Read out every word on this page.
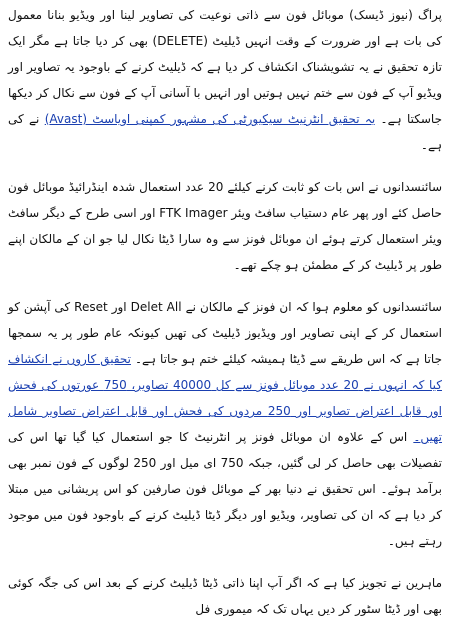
پراگ (نیوز ڈیسک) موبائل فون سے ذاتی نوعیت کی تصاویر لینا اور ویڈیو بنانا معمول کی بات ہے اور ضرورت کے وقت انہیں ڈیلیٹ (DELETE) بھی کر دیا جاتا ہے مگر ایک تازہ تحقیق نے یہ تشویشناک انکشاف کر دیا ہے کہ ڈیلیٹ کرنے کے باوجود یہ تصاویر اور ویڈیو آپ کے فون سے ختم نہیں ہوتیں اور انہیں با آسانی آپ کے فون سے نکال کر دیکھا جاسکتا ہے۔ یہ تحقیق انٹرنیٹ سیکیورٹی کی مشہور کمپنی اویاسٹ (Avast) نے کی ہے۔

سائنسدانوں نے اس بات کو ثابت کرنے کیلئے 20 عدد استعمال شدہ اینڈرائیڈ موبائل فون حاصل کئے اور پھر عام دستیاب سافٹ ویئر FTK Imager اور اسی طرح کے دیگر سافٹ ویئر استعمال کرتے ہوئے ان موبائل فونز سے وہ سارا ڈیٹا نکال لیا جو ان کے مالکان اپنے طور پر ڈیلیٹ کر کے مطمئن ہو چکے تھے۔

سائنسدانوں کو معلوم ہوا کہ ان فونز کے مالکان نے Delet All اور Reset کی آپشن کو استعمال کر کے اپنی تصاویر اور ویڈیوز ڈیلیٹ کی تھیں کیونکہ عام طور پر یہ سمجھا جاتا ہے کہ اس طریقے سے ڈیٹا ہمیشہ کیلئے ختم ہو جاتا ہے۔ تحقیق کاروں نے انکشاف کیا کہ انہوں نے 20 عدد موبائل فونز سے کل 40000 تصاویر، 750 عورتوں کی فحش اور قابل اعتراض تصاویر اور 250 مردوں کی فحش اور قابل اعتراض تصاویر شامل تھیں۔ اس کے علاوہ ان موبائل فونز پر انٹرنیٹ کا جو استعمال کیا گیا تھا اس کی تفصیلات بھی حاصل کر لی گئیں، جبکہ 750 ای میل اور 250 لوگوں کے فون نمبر بھی برآمد ہوئے۔ اس تحقیق نے دنیا بھر کے موبائل فون صارفین کو اس پریشانی میں مبتلا کر دیا ہے کہ ان کی تصاویر، ویڈیو اور دیگر ڈیٹا ڈیلیٹ کرنے کے باوجود فون میں موجود رہتے ہیں۔

ماہرین نے تجویز کیا ہے کہ اگر آپ اپنا ذاتی ڈیٹا ڈیلیٹ کرنے کے بعد اس کی جگہ کوئی بھی اور ڈیٹا سٹور کر دیں یہاں تک کہ میموری فل
